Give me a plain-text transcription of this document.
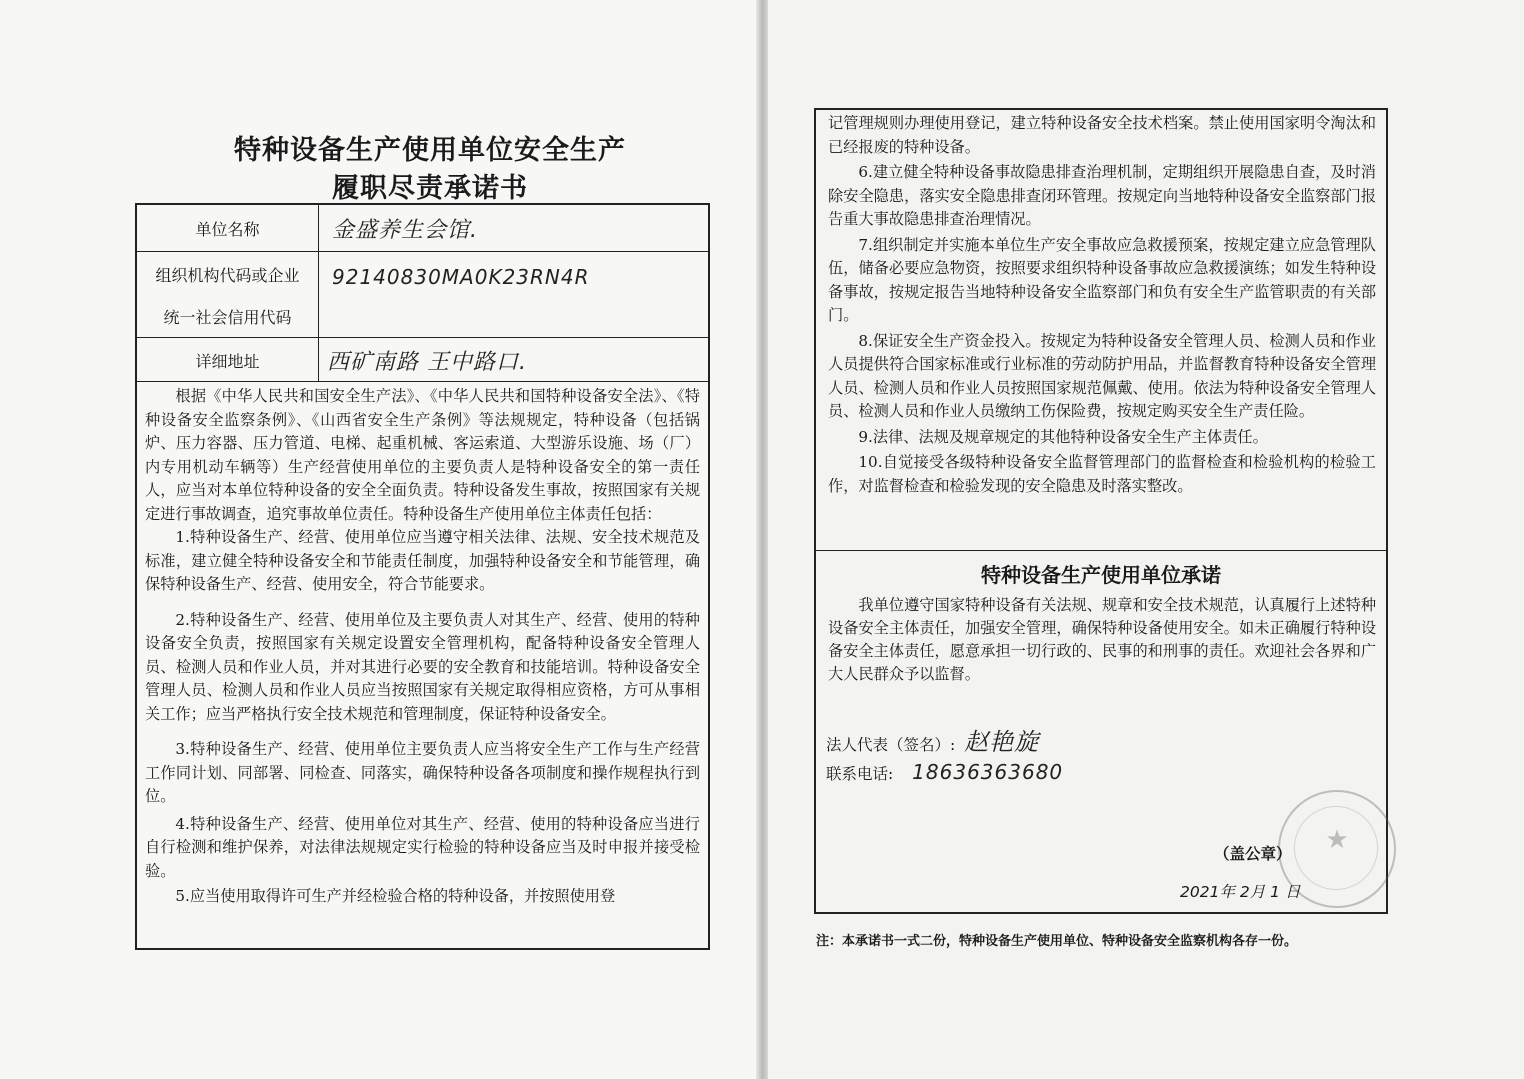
特种设备生产使用单位安全生产
履职尽责承诺书
单位名称	金盛养生会馆.
组织机构代码或企业
统一社会信用代码
92140830MA0K23RN4R
详细地址	西矿南路 王中路口.

根据《中华人民共和国安全生产法》、《中华人民共和国特种设备安全法》、《特种设备安全监察条例》、《山西省安全生产条例》等法规规定，特种设备（包括锅炉、压力容器、压力管道、电梯、起重机械、客运索道、大型游乐设施、场（厂）内专用机动车辆等）生产经营使用单位的主要负责人是特种设备安全的第一责任人，应当对本单位特种设备的安全全面负责。特种设备发生事故，按照国家有关规定进行事故调查，追究事故单位责任。特种设备生产使用单位主体责任包括：

1.特种设备生产、经营、使用单位应当遵守相关法律、法规、安全技术规范及标准，建立健全特种设备安全和节能责任制度，加强特种设备安全和节能管理，确保特种设备生产、经营、使用安全，符合节能要求。

2.特种设备生产、经营、使用单位及主要负责人对其生产、经营、使用的特种设备安全负责，按照国家有关规定设置安全管理机构，配备特种设备安全管理人员、检测人员和作业人员，并对其进行必要的安全教育和技能培训。特种设备安全管理人员、检测人员和作业人员应当按照国家有关规定取得相应资格，方可从事相关工作；应当严格执行安全技术规范和管理制度，保证特种设备安全。

3.特种设备生产、经营、使用单位主要负责人应当将安全生产工作与生产经营工作同计划、同部署、同检查、同落实，确保特种设备各项制度和操作规程执行到位。

4.特种设备生产、经营、使用单位对其生产、经营、使用的特种设备应当进行自行检测和维护保养，对法律法规规定实行检验的特种设备应当及时申报并接受检验。

5.应当使用取得许可生产并经检验合格的特种设备，并按照使用登

记管理规则办理使用登记，建立特种设备安全技术档案。禁止使用国家明令淘汰和已经报废的特种设备。

6.建立健全特种设备事故隐患排查治理机制，定期组织开展隐患自查，及时消除安全隐患，落实安全隐患排查闭环管理。按规定向当地特种设备安全监察部门报告重大事故隐患排查治理情况。

7.组织制定并实施本单位生产安全事故应急救援预案，按规定建立应急管理队伍，储备必要应急物资，按照要求组织特种设备事故应急救援演练；如发生特种设备事故，按规定报告当地特种设备安全监察部门和负有安全生产监管职责的有关部门。

8.保证安全生产资金投入。按规定为特种设备安全管理人员、检测人员和作业人员提供符合国家标准或行业标准的劳动防护用品，并监督教育特种设备安全管理人员、检测人员和作业人员按照国家规范佩戴、使用。依法为特种设备安全管理人员、检测人员和作业人员缴纳工伤保险费，按规定购买安全生产责任险。

9.法律、法规及规章规定的其他特种设备安全生产主体责任。

10.自觉接受各级特种设备安全监督管理部门的监督检查和检验机构的检验工作，对监督检查和检验发现的安全隐患及时落实整改。

特种设备生产使用单位承诺

我单位遵守国家特种设备有关法规、规章和安全技术规范，认真履行上述特种设备安全主体责任，加强安全管理，确保特种设备使用安全。如未正确履行特种设备安全主体责任，愿意承担一切行政的、民事的和刑事的责任。欢迎社会各界和广大人民群众予以监督。

法人代表（签名）: 赵艳旋
联系电话: 18636363680
★
（盖公章）
2021年 2月 1 日
注：本承诺书一式二份，特种设备生产使用单位、特种设备安全监察机构各存一份。
